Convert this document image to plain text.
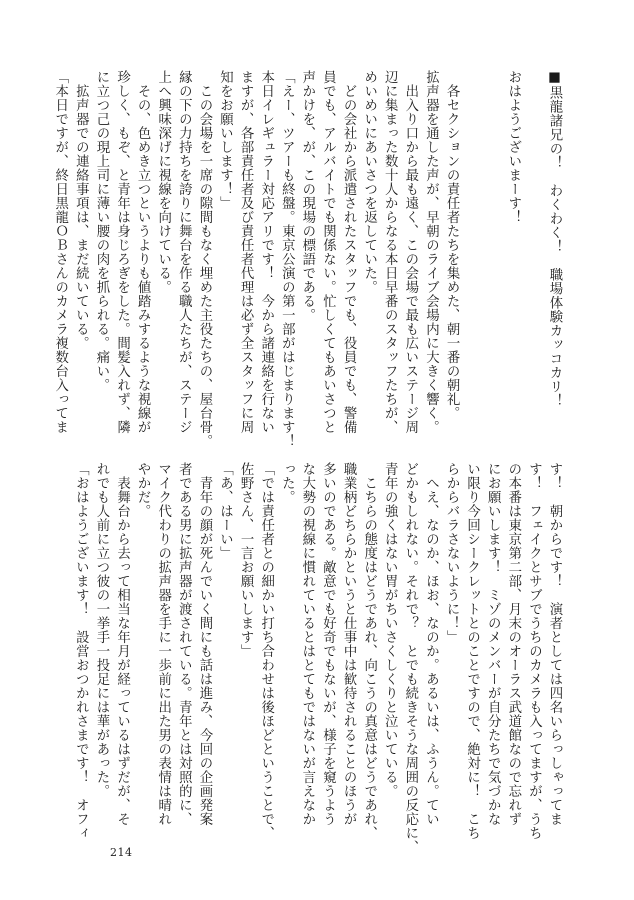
■黒龍諸兄の！　わくわく！　職場体験カッコカリ！

おはようございまーす！

　各セクションの責任者たちを集めた、朝一番の朝礼。
拡声器を通した声が、早朝のライブ会場内に大きく響く。
　出入り口から最も遠く、この会場で最も広いステージ周
辺に集まった数十人からなる本日早番のスタッフたちが、
めいめいにあいさつを返していた。
　どの会社から派遣されたスタッフでも、役員でも、警備
員でも、アルバイトでも関係ない。忙しくてもあいさつと
声かけを、が、この現場の標語である。
「えー、ツアーも終盤。東京公演の第一部がはじまります！
本日イレギュラー対応アリです！　今から諸連絡を行ない
ますが、各部責任者及び責任者代理は必ず全スタッフに周
知をお願いします！」
　この会場を一席の隙間もなく埋めた主役たちの、屋台骨。
縁の下の力持ちを誇りに舞台を作る職人たちが、ステージ
上へ興味深げに視線を向けている。
　その、色めき立つというよりも値踏みするような視線が
珍しく、もぞ、と青年は身じろぎをした。間髪入れず、隣
に立つ己の現上司に薄い腰の肉を抓られる。痛い。
　拡声器での連絡事項は、まだ続いている。
「本日ですが、終日黒龍ＯＢさんのカメラ複数台入ってま
す！　朝からです！　演者としては四名いらっしゃってま
す！　フェイクとサブでうちのカメラも入ってますが、うち
の本番は東京第二部、月末のオーラス武道館なので忘れず
にお願いします！　ミゾのメンバーが自分たちで気づかな
い限り今回シークレットとのことですので、絶対に！　こち
らからバラさないように！」
　へえ、なのか、ほお、なのか。あるいは、ふうん。てい
どかもしれない。それで？　とでも続きそうな周囲の反応に、
青年の強くはない胃がちいさくしくりと泣いている。
　こちらの態度はどうであれ、向こうの真意はどうであれ、
職業柄どちらかというと仕事中は歓待されることのほうが
多いのである。敵意でも好奇でもないが、様子を窺うよう
な大勢の視線に慣れているとはとてもではないが言えなか
った。
「では責任者との細かい打ち合わせは後ほどということで、
佐野さん、一言お願いします」
「あ、はーい」
　青年の顔が死んでいく間にも話は進み、今回の企画発案
者である男に拡声器が渡されている。青年とは対照的に、
マイク代わりの拡声器を手に一歩前に出た男の表情は晴れ
やかだ。
　表舞台から去って相当な年月が経っているはずだが、そ
れでも人前に立つ彼の一挙手一投足には華があった。
「おはようございます！　設営おつかれさまです！　オフィ
214
